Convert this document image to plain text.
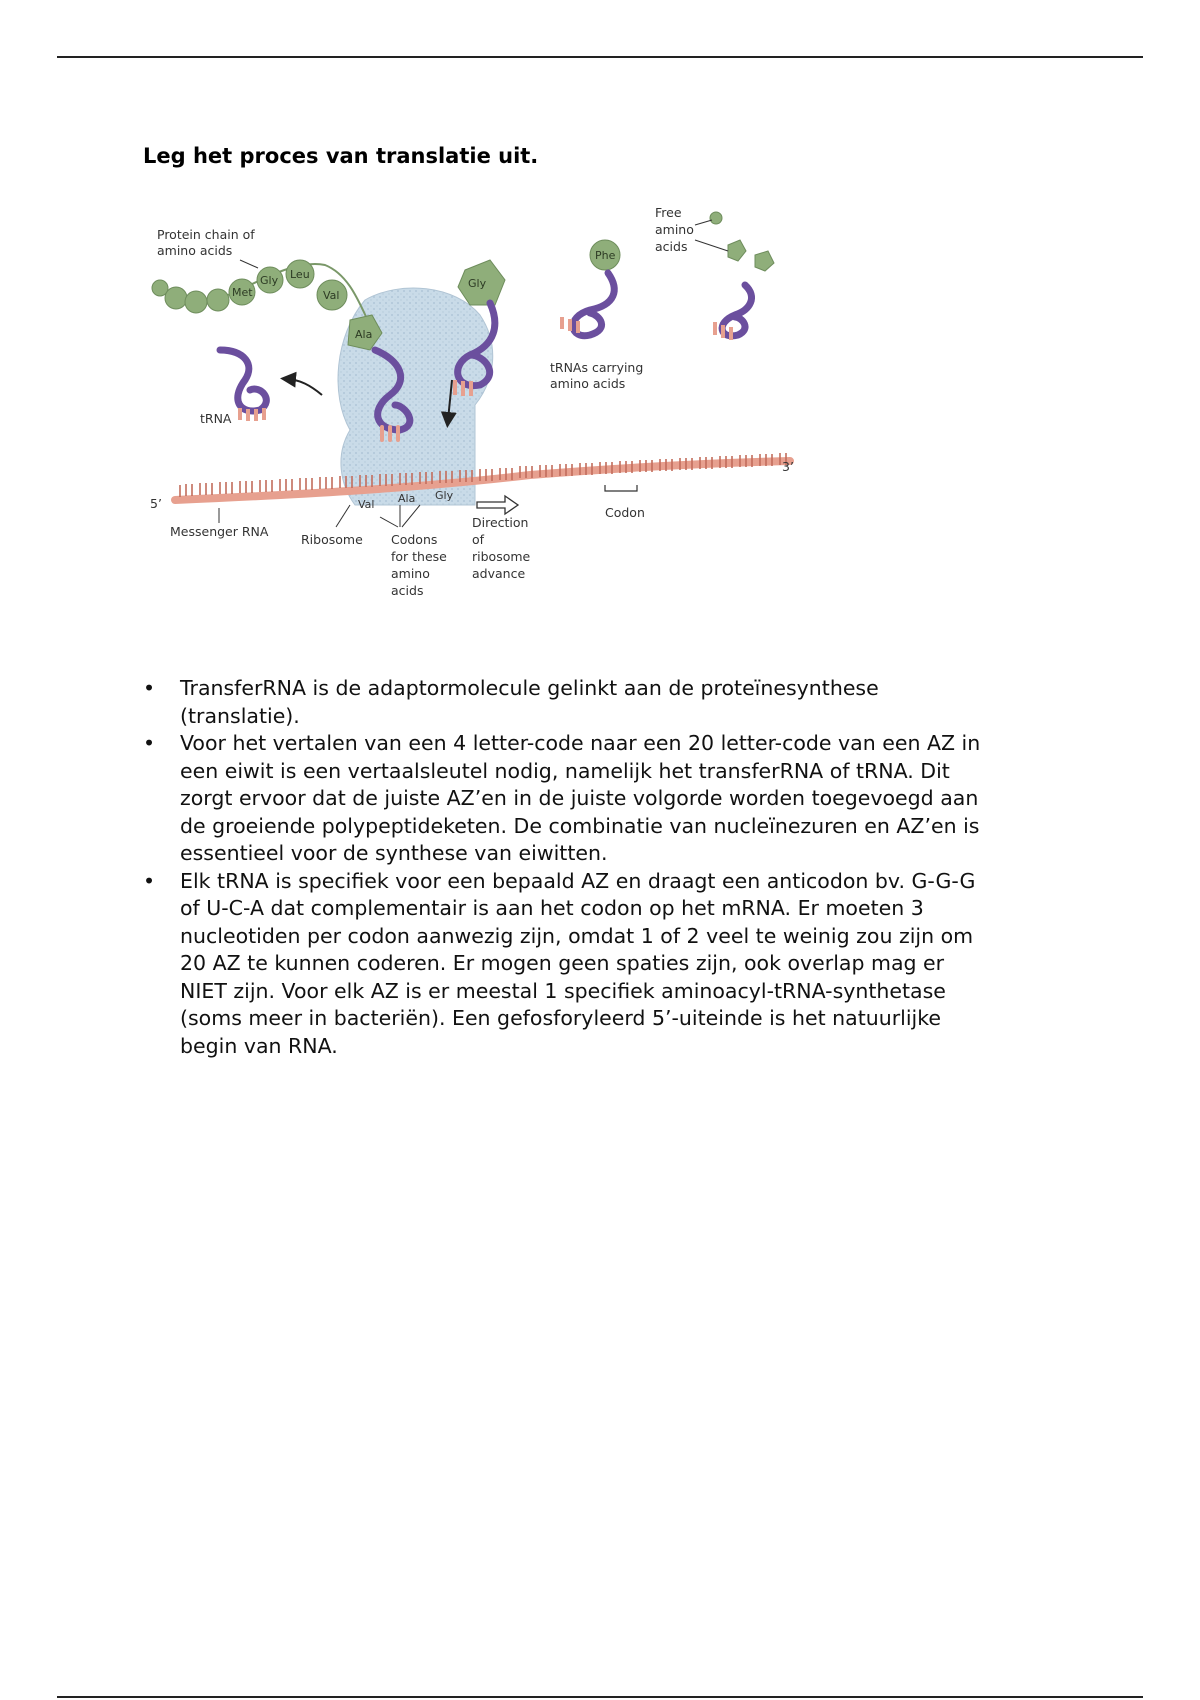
Leg het proces van translatie uit.
Met
Gly Leu
Val
Ala
Gly
Phe
Protein chain of
amino acids
Free
amino
acids
tRNAs carrying
amino acids
tRNA
5’
3’
Messenger RNA
Ribosome Codons
for these
amino
acids
Direction
of
ribosome
advance
Codon
Val Ala Gly
• TransferRNA is de adaptormolecule gelinkt aan de proteïnesynthese
(translatie).
• Voor het vertalen van een 4 letter-code naar een 20 letter-code van een AZ in
een eiwit is een vertaalsleutel nodig, namelijk het transferRNA of tRNA. Dit
zorgt ervoor dat de juiste AZ’en in de juiste volgorde worden toegevoegd aan
de groeiende polypeptideketen. De combinatie van nucleïnezuren en AZ’en is
essentieel voor de synthese van eiwitten.
• Elk tRNA is specifiek voor een bepaald AZ en draagt een anticodon bv. G-G-G
of U-C-A dat complementair is aan het codon op het mRNA. Er moeten 3
nucleotiden per codon aanwezig zijn, omdat 1 of 2 veel te weinig zou zijn om
20 AZ te kunnen coderen. Er mogen geen spaties zijn, ook overlap mag er
NIET zijn. Voor elk AZ is er meestal 1 specifiek aminoacyl-tRNA-synthetase
(soms meer in bacteriën). Een gefosforyleerd 5’-uiteinde is het natuurlijke
begin van RNA.
